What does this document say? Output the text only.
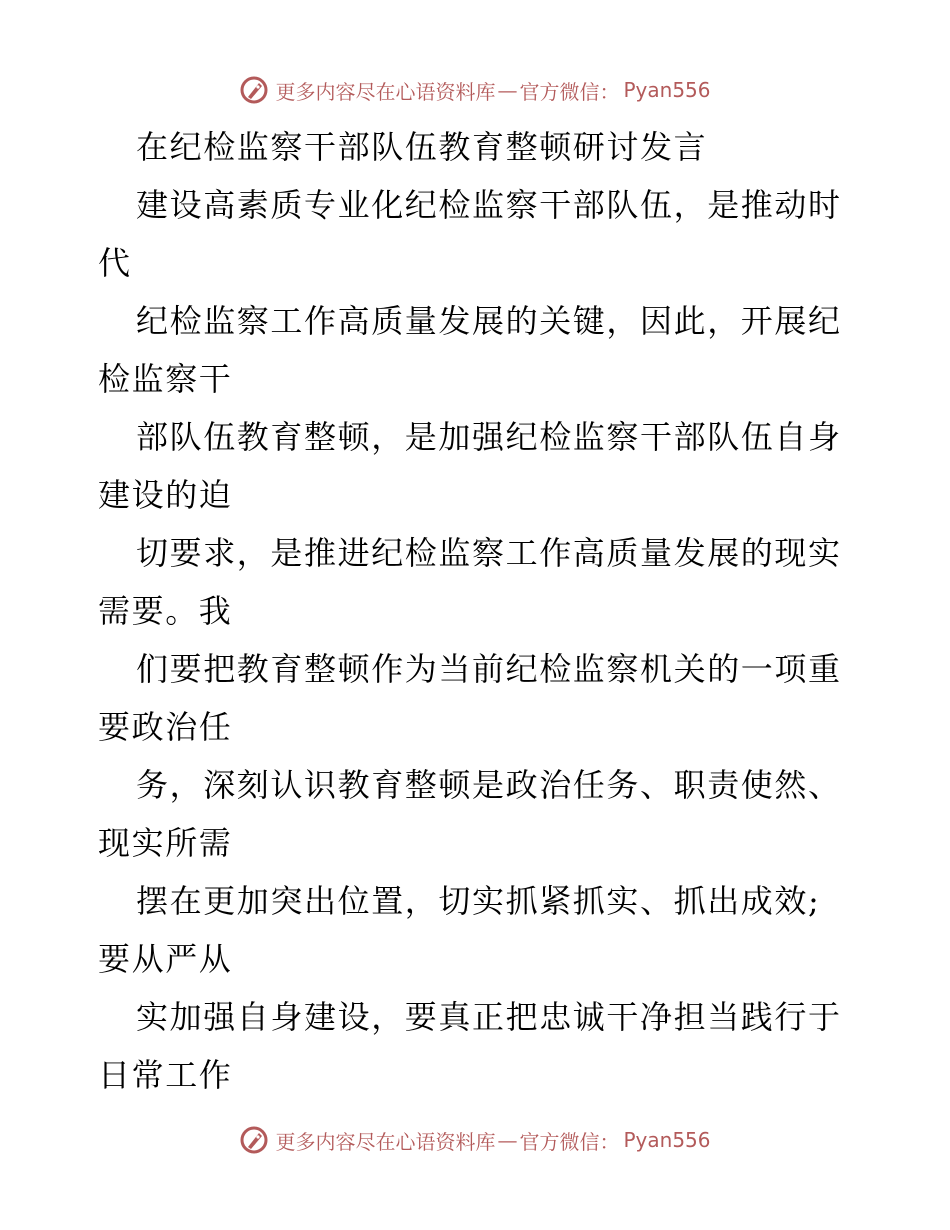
更多内容尽在心语资料库 — 官方微信： Pyan556
在纪检监察干部队伍教育整顿研讨发言
建设高素质专业化纪检监察干部队伍，是推动时
代
纪检监察工作高质量发展的关键，因此，开展纪
检监察干
部队伍教育整顿，是加强纪检监察干部队伍自身
建设的迫
切要求，是推进纪检监察工作高质量发展的现实
需要。我
们要把教育整顿作为当前纪检监察机关的一项重
要政治任
务，深刻认识教育整顿是政治任务、职责使然、
现实所需
摆在更加突出位置，切实抓紧抓实、抓出成效;
要从严从
实加强自身建设，要真正把忠诚干净担当践行于
日常工作
更多内容尽在心语资料库 — 官方微信： Pyan556
